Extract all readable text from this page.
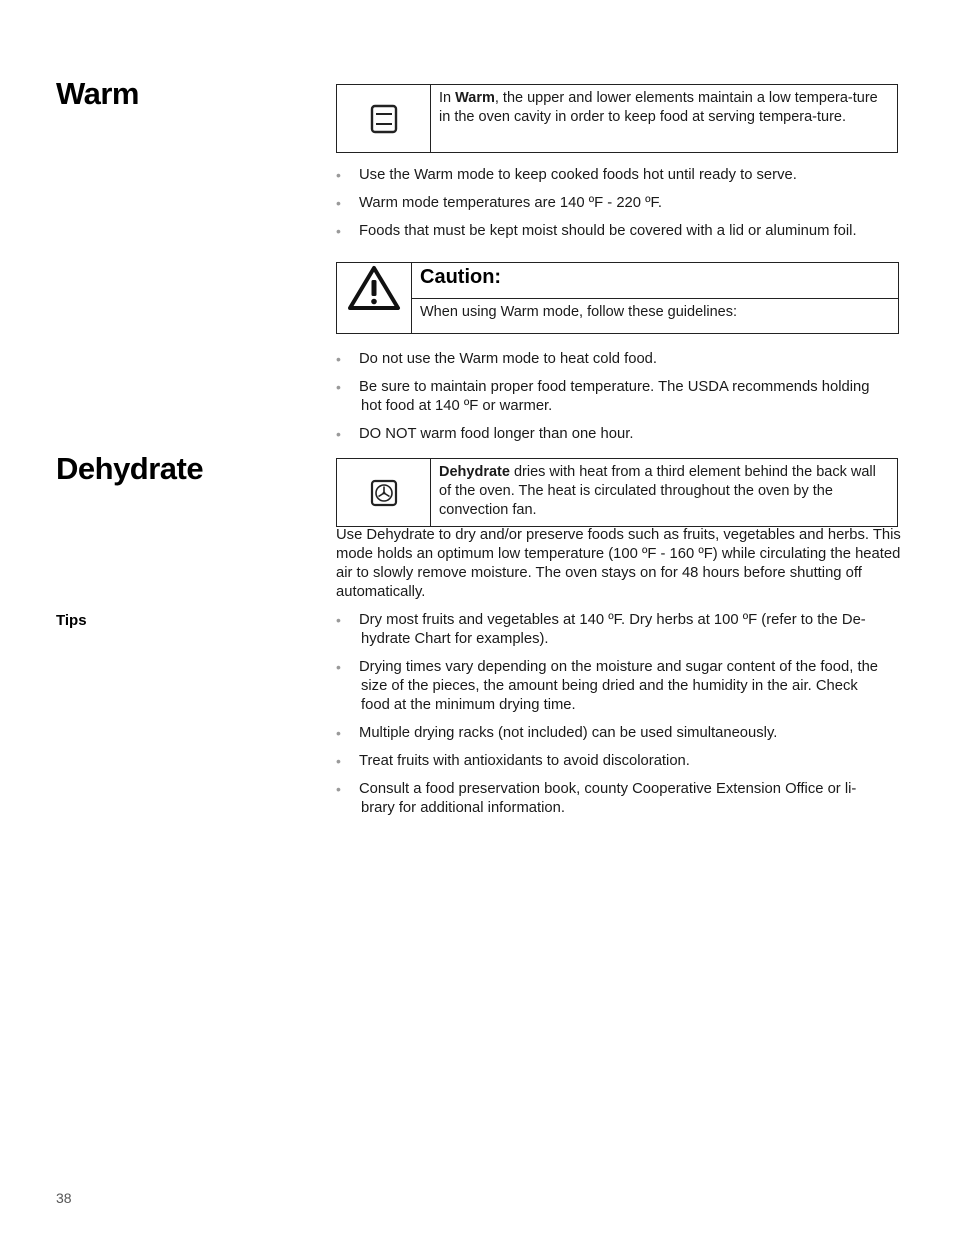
Warm	In Warm, the upper and lower elements maintain a low tempera-ture in the oven cavity in order to keep food at serving tempera-ture.
• Use the Warm mode to keep cooked foods hot until ready to serve.
• Warm mode temperatures are 140 ºF - 220 ºF.
• Foods that must be kept moist should be covered with a lid or aluminum foil.
Caution:
When using Warm mode, follow these guidelines:
• Do not use the Warm mode to heat cold food.
• Be sure to maintain proper food temperature. The USDA recommends holding
hot food at 140 ºF or warmer.
• DO NOT warm food longer than one hour.
Dehydrate	Dehydrate dries with heat from a third element behind the back wall of the oven. The heat is circulated throughout the oven by the convection fan.

Use Dehydrate to dry and/or preserve foods such as fruits, vegetables and herbs. This mode holds an optimum low temperature (100 ºF - 160 ºF) while circulating the heated air to slowly remove moisture. The oven stays on for 48 hours before shutting off automatically.

Tips	• Dry most fruits and vegetables at 140 ºF. Dry herbs at 100 ºF (refer to the De-
hydrate Chart for examples).
• Drying times vary depending on the moisture and sugar content of the food, the
size of the pieces, the amount being dried and the humidity in the air. Check
food at the minimum drying time.
• Multiple drying racks (not included) can be used simultaneously.
• Treat fruits with antioxidants to avoid discoloration.
• Consult a food preservation book, county Cooperative Extension Office or li-
brary for additional information.
38
